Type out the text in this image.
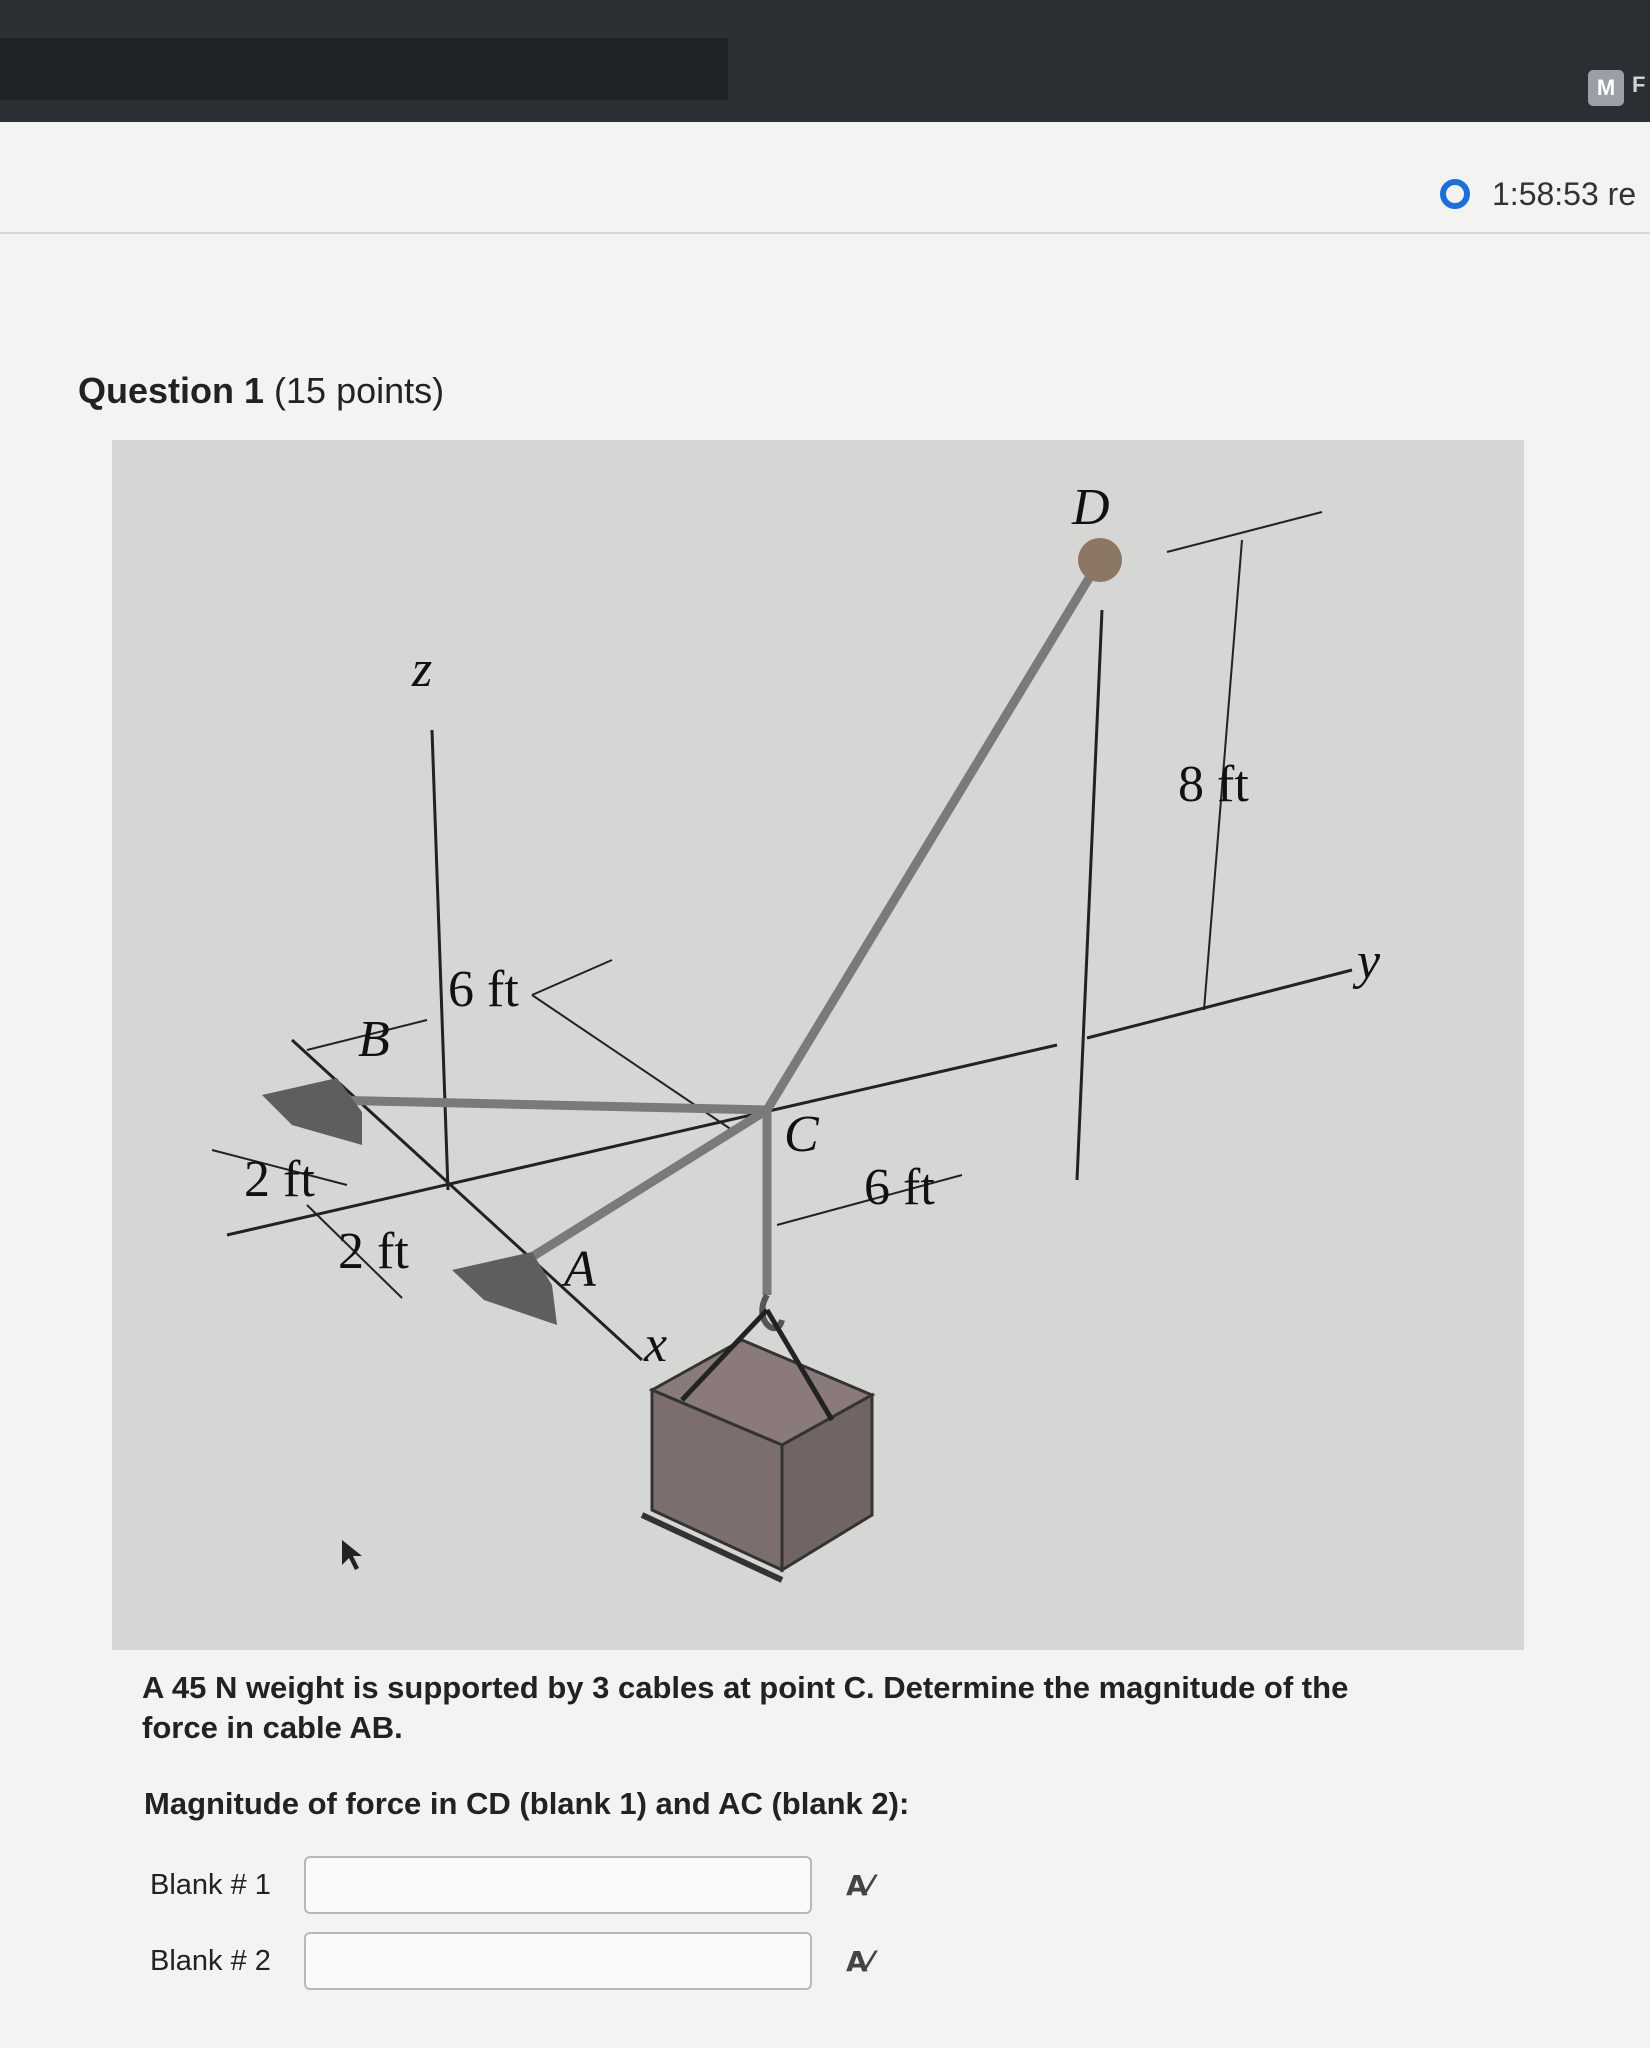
M F
1:58:53 re
Question 1 (15 points)
D
z
6 ft
8 ft
y
B
C
6 ft
2 ft
2 ft	A
x
A 45 N weight is supported by 3 cables at point C. Determine the magnitude of the force in cable AB.
Magnitude of force in CD (blank 1) and AC (blank 2):
Blank # 1	A⁄
Blank # 2	A⁄
